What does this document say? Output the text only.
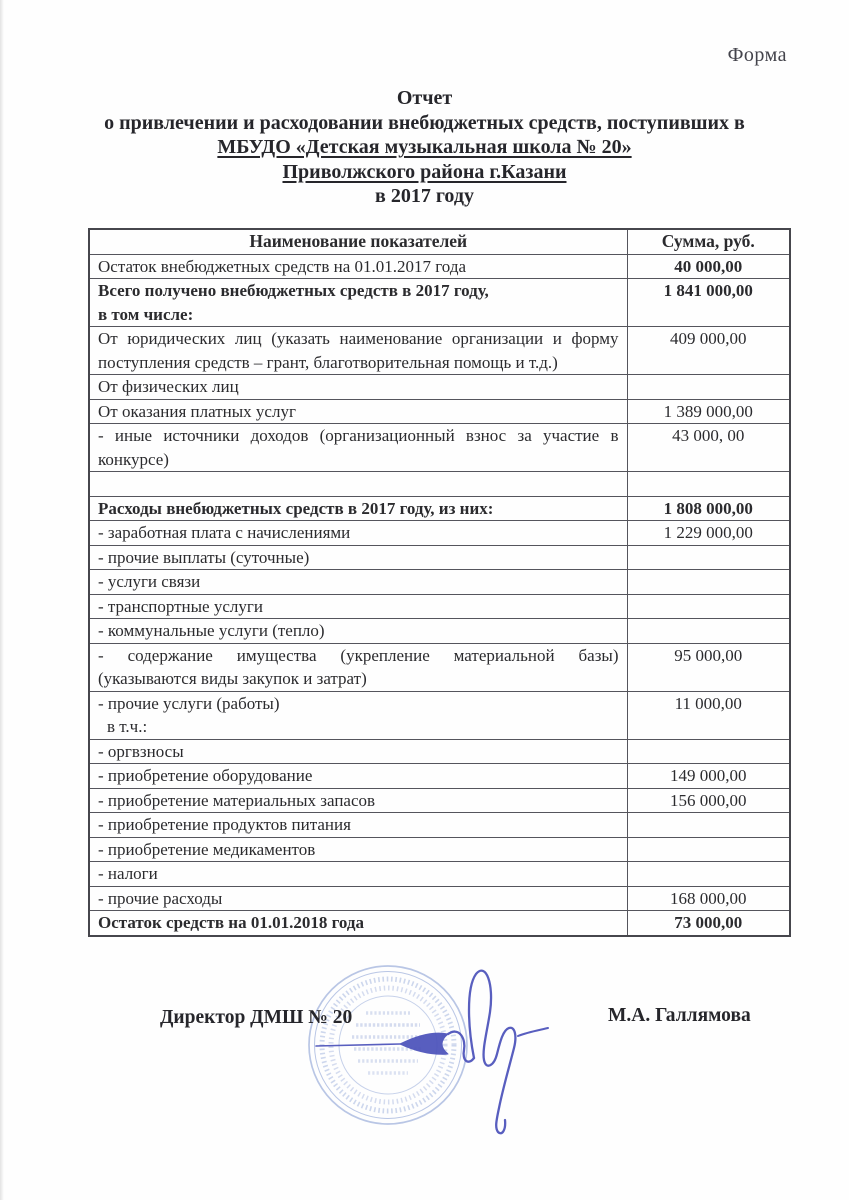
Форма
Отчет
о привлечении и расходовании внебюджетных средств, поступивших в
МБУДО «Детская музыкальная школа № 20»
Приволжского района г.Казани
в 2017 году
Наименование показателей	Сумма, руб.

Остаток внебюджетных средств на 01.01.2017 года	40 000,00

Всего получено внебюджетных средств в 2017 году,
в том числе:	1 841 000,00

От юридических лиц (указать наименование организации и форму поступления средств – грант, благотворительная помощь и т.д.)	409 000,00

От физических лиц	

От оказания платных услуг	1 389 000,00

- иные источники доходов (организационный взнос за участие в конкурсе)	43 000, 00

Расходы внебюджетных средств в 2017 году, из них:	1 808 000,00

- заработная плата с начислениями	1 229 000,00

- прочие выплаты (суточные)	

- услуги связи	

- транспортные услуги	

- коммунальные услуги (тепло)	

- содержание имущества (укрепление материальной базы) (указываются виды закупок и затрат)	95 000,00

- прочие услуги (работы)
в т.ч.:	11 000,00

- оргвзносы	

- приобретение оборудование	149 000,00

- приобретение материальных запасов	156 000,00

- приобретение продуктов питания	

- приобретение медикаментов	

- налоги	

- прочие расходы	168 000,00

Остаток средств на 01.01.2018 года	73 000,00
Директор ДМШ № 20	М.А. Галлямова
